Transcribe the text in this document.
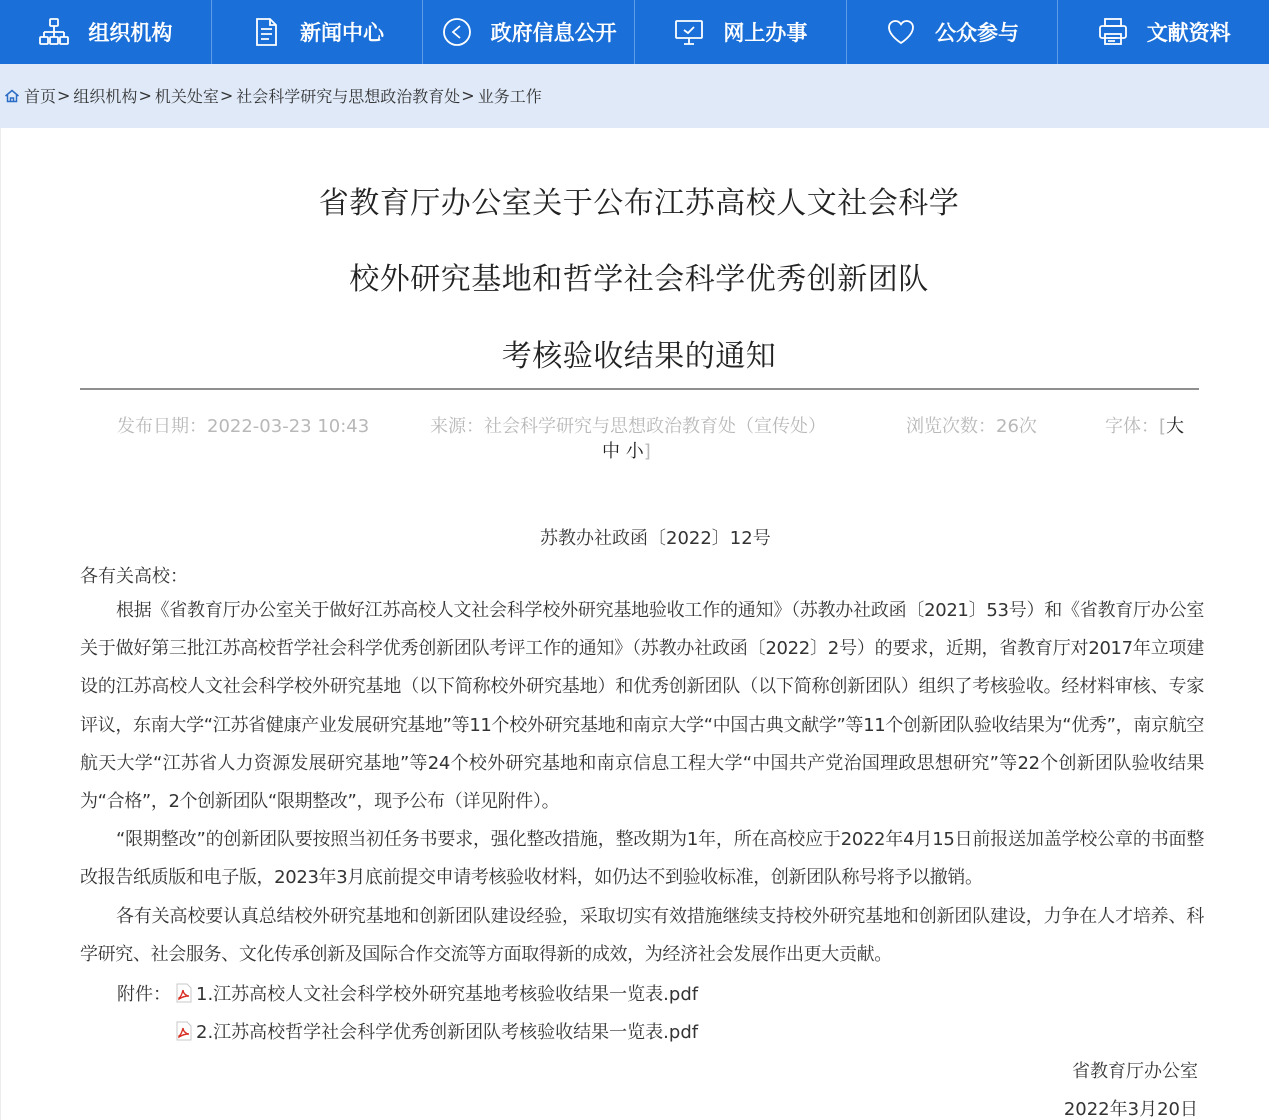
组织机构	新闻中心	政府信息公开	网上办事	公众参与	文献资料
首页 > 组织机构 > 机关处室 > 社会科学研究与思想政治教育处 > 业务工作
省教育厅办公室关于公布江苏高校人文社会科学
校外研究基地和哲学社会科学优秀创新团队
考核验收结果的通知
发布日期：2022-03-23 10:43	来源：社会科学研究与思想政治教育处（宣传处）	浏览次数：26次	字体：[大
中 小]
苏教办社政函〔2022〕12号
各有关高校：

根据《省教育厅办公室关于做好江苏高校人文社会科学校外研究基地验收工作的通知》（苏教办社政函〔2021〕53号）和《省教育厅办公室关于做好第三批江苏高校哲学社会科学优秀创新团队考评工作的通知》（苏教办社政函〔2022〕2号）的要求，近期，省教育厅对2017年立项建设的江苏高校人文社会科学校外研究基地（以下简称校外研究基地）和优秀创新团队（以下简称创新团队）组织了考核验收。经材料审核、专家评议，东南大学“江苏省健康产业发展研究基地”等11个校外研究基地和南京大学“中国古典文献学”等11个创新团队验收结果为“优秀”，南京航空航天大学“江苏省人力资源发展研究基地”等24个校外研究基地和南京信息工程大学“中国共产党治国理政思想研究”等22个创新团队验收结果为“合格”，2个创新团队“限期整改”，现予公布（详见附件）。

“限期整改”的创新团队要按照当初任务书要求，强化整改措施，整改期为1年，所在高校应于2022年4月15日前报送加盖学校公章的书面整改报告纸质版和电子版，2023年3月底前提交申请考核验收材料，如仍达不到验收标准，创新团队称号将予以撤销。

各有关高校要认真总结校外研究基地和创新团队建设经验，采取切实有效措施继续支持校外研究基地和创新团队建设，力争在人才培养、科学研究、社会服务、文化传承创新及国际合作交流等方面取得新的成效，为经济社会发展作出更大贡献。

附件： 1.江苏高校人文社会科学校外研究基地考核验收结果一览表.pdf
2.江苏高校哲学社会科学优秀创新团队考核验收结果一览表.pdf
省教育厅办公室
2022年3月20日
